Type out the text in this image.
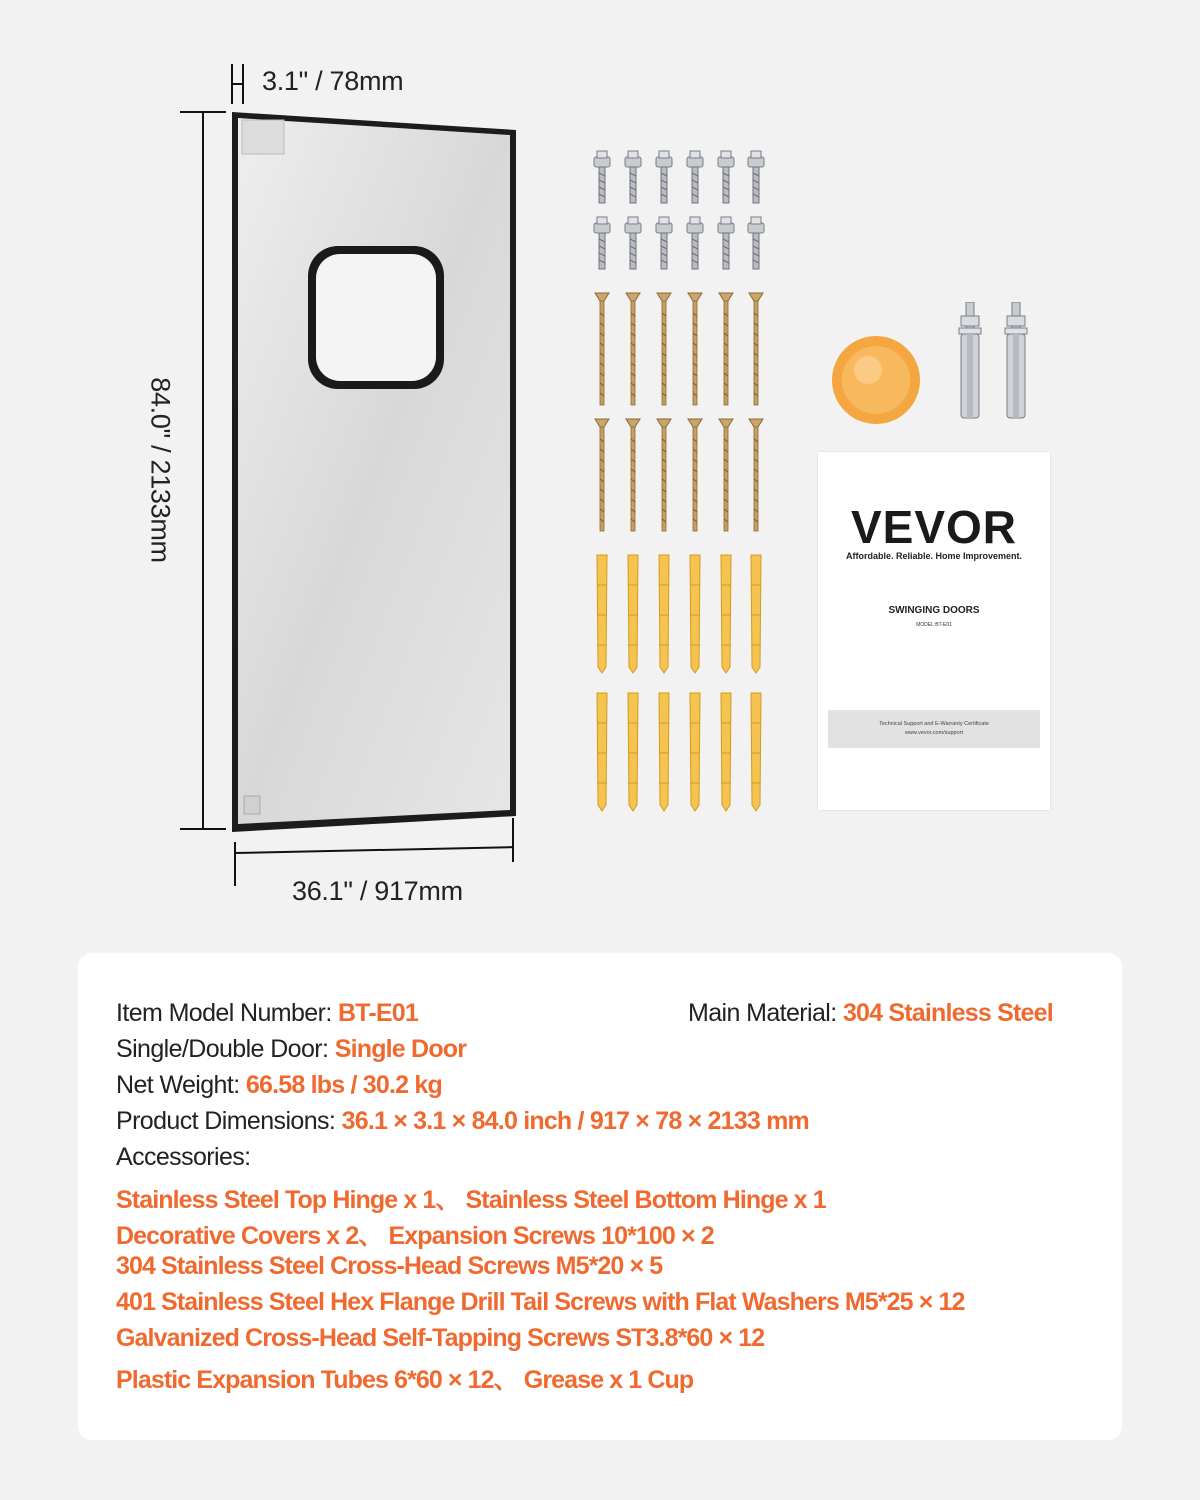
3.1" / 78mm
84.0" / 2133mm
36.1" / 917mm
VEVOR
Affordable. Reliable. Home Improvement.
SWINGING DOORS
MODEL:BT-E01
Technical Support and E-Warranty Certificate
www.vevor.com/support
Item Model Number: BT-E01	Main Material: 304 Stainless Steel
Single/Double Door: Single Door
Net Weight: 66.58 lbs / 30.2 kg
Product Dimensions: 36.1 × 3.1 × 84.0 inch / 917 × 78 × 2133 mm
Accessories:
Stainless Steel Top Hinge x 1、 Stainless Steel Bottom Hinge x 1
Decorative Covers x 2、 Expansion Screws 10*100 × 2
304 Stainless Steel Cross-Head Screws M5*20 × 5
401 Stainless Steel Hex Flange Drill Tail Screws with Flat Washers M5*25 × 12
Galvanized Cross-Head Self-Tapping Screws ST3.8*60 × 12
Plastic Expansion Tubes 6*60 × 12、 Grease x 1 Cup
